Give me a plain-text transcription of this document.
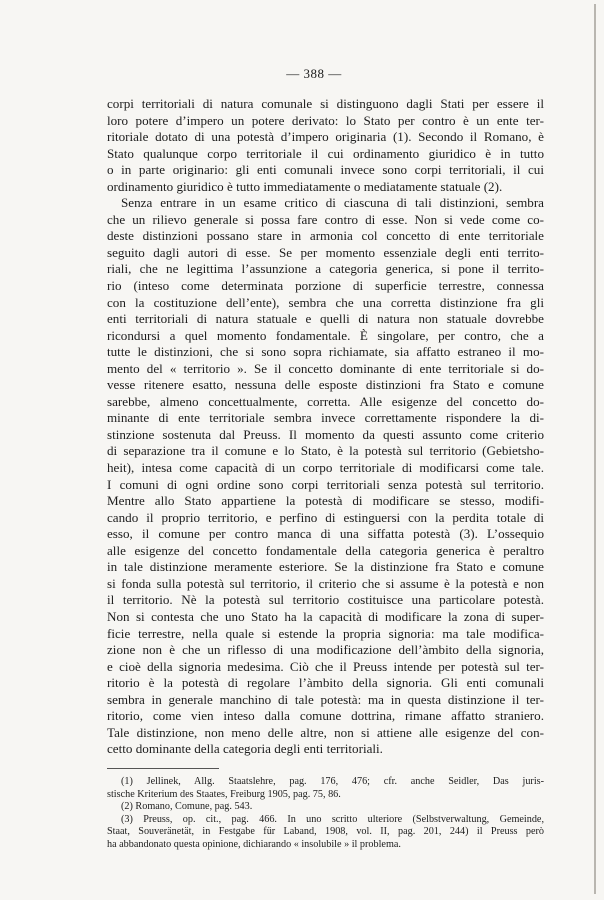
— 388 —
corpi territoriali di natura comunale si distinguono dagli Stati per essere il
loro potere d’impero un potere derivato: lo Stato per contro è un ente ter-
ritoriale dotato di una potestà d’impero originaria (1). Secondo il Romano, è
Stato qualunque corpo territoriale il cui ordinamento giuridico è in tutto
o in parte originario: gli enti comunali invece sono corpi territoriali, il cui
ordinamento giuridico è tutto immediatamente o mediatamente statuale (2).
Senza entrare in un esame critico di ciascuna di tali distinzioni, sembra
che un rilievo generale si possa fare contro di esse. Non si vede come co-
deste distinzioni possano stare in armonia col concetto di ente territoriale
seguito dagli autori di esse. Se per momento essenziale degli enti territo-
riali, che ne legittima l’assunzione a categoria generica, si pone il territo-
rio (inteso come determinata porzione di superficie terrestre, connessa
con la costituzione dell’ente), sembra che una corretta distinzione fra gli
enti territoriali di natura statuale e quelli di natura non statuale dovrebbe
ricondursi a quel momento fondamentale. È singolare, per contro, che a
tutte le distinzioni, che si sono sopra richiamate, sia affatto estraneo il mo-
mento del « territorio ». Se il concetto dominante di ente territoriale si do-
vesse ritenere esatto, nessuna delle esposte distinzioni fra Stato e comune
sarebbe, almeno concettualmente, corretta. Alle esigenze del concetto do-
minante di ente territoriale sembra invece correttamente rispondere la di-
stinzione sostenuta dal Preuss. Il momento da questi assunto come criterio
di separazione tra il comune e lo Stato, è la potestà sul territorio (Gebietsho-
heit), intesa come capacità di un corpo territoriale di modificarsi come tale.
I comuni di ogni ordine sono corpi territoriali senza potestà sul territorio.
Mentre allo Stato appartiene la potestà di modificare se stesso, modifi-
cando il proprio territorio, e perfino di estinguersi con la perdita totale di
esso, il comune per contro manca di una siffatta potestà (3). L’ossequio
alle esigenze del concetto fondamentale della categoria generica è peraltro
in tale distinzione meramente esteriore. Se la distinzione fra Stato e comune
si fonda sulla potestà sul territorio, il criterio che si assume è la potestà e non
il territorio. Nè la potestà sul territorio costituisce una particolare potestà.
Non si contesta che uno Stato ha la capacità di modificare la zona di super-
ficie terrestre, nella quale si estende la propria signoria: ma tale modifica-
zione non è che un riflesso di una modificazione dell’àmbito della signoria,
e cioè della signoria medesima. Ciò che il Preuss intende per potestà sul ter-
ritorio è la potestà di regolare l’àmbito della signoria. Gli enti comunali
sembra in generale manchino di tale potestà: ma in questa distinzione il ter-
ritorio, come vien inteso dalla comune dottrina, rimane affatto straniero.
Tale distinzione, non meno delle altre, non si attiene alle esigenze del con-
cetto dominante della categoria degli enti territoriali.
(1) Jellinek, Allg. Staatslehre, pag. 176, 476; cfr. anche Seidler, Das juris-
stische Kriterium des Staates, Freiburg 1905, pag. 75, 86.
(2) Romano, Comune, pag. 543.
(3) Preuss, op. cit., pag. 466. In uno scritto ulteriore (Selbstverwaltung, Gemeinde,
Staat, Souveränetät, in Festgabe für Laband, 1908, vol. II, pag. 201, 244) il Preuss però
ha abbandonato questa opinione, dichiarando « insolubile » il problema.
